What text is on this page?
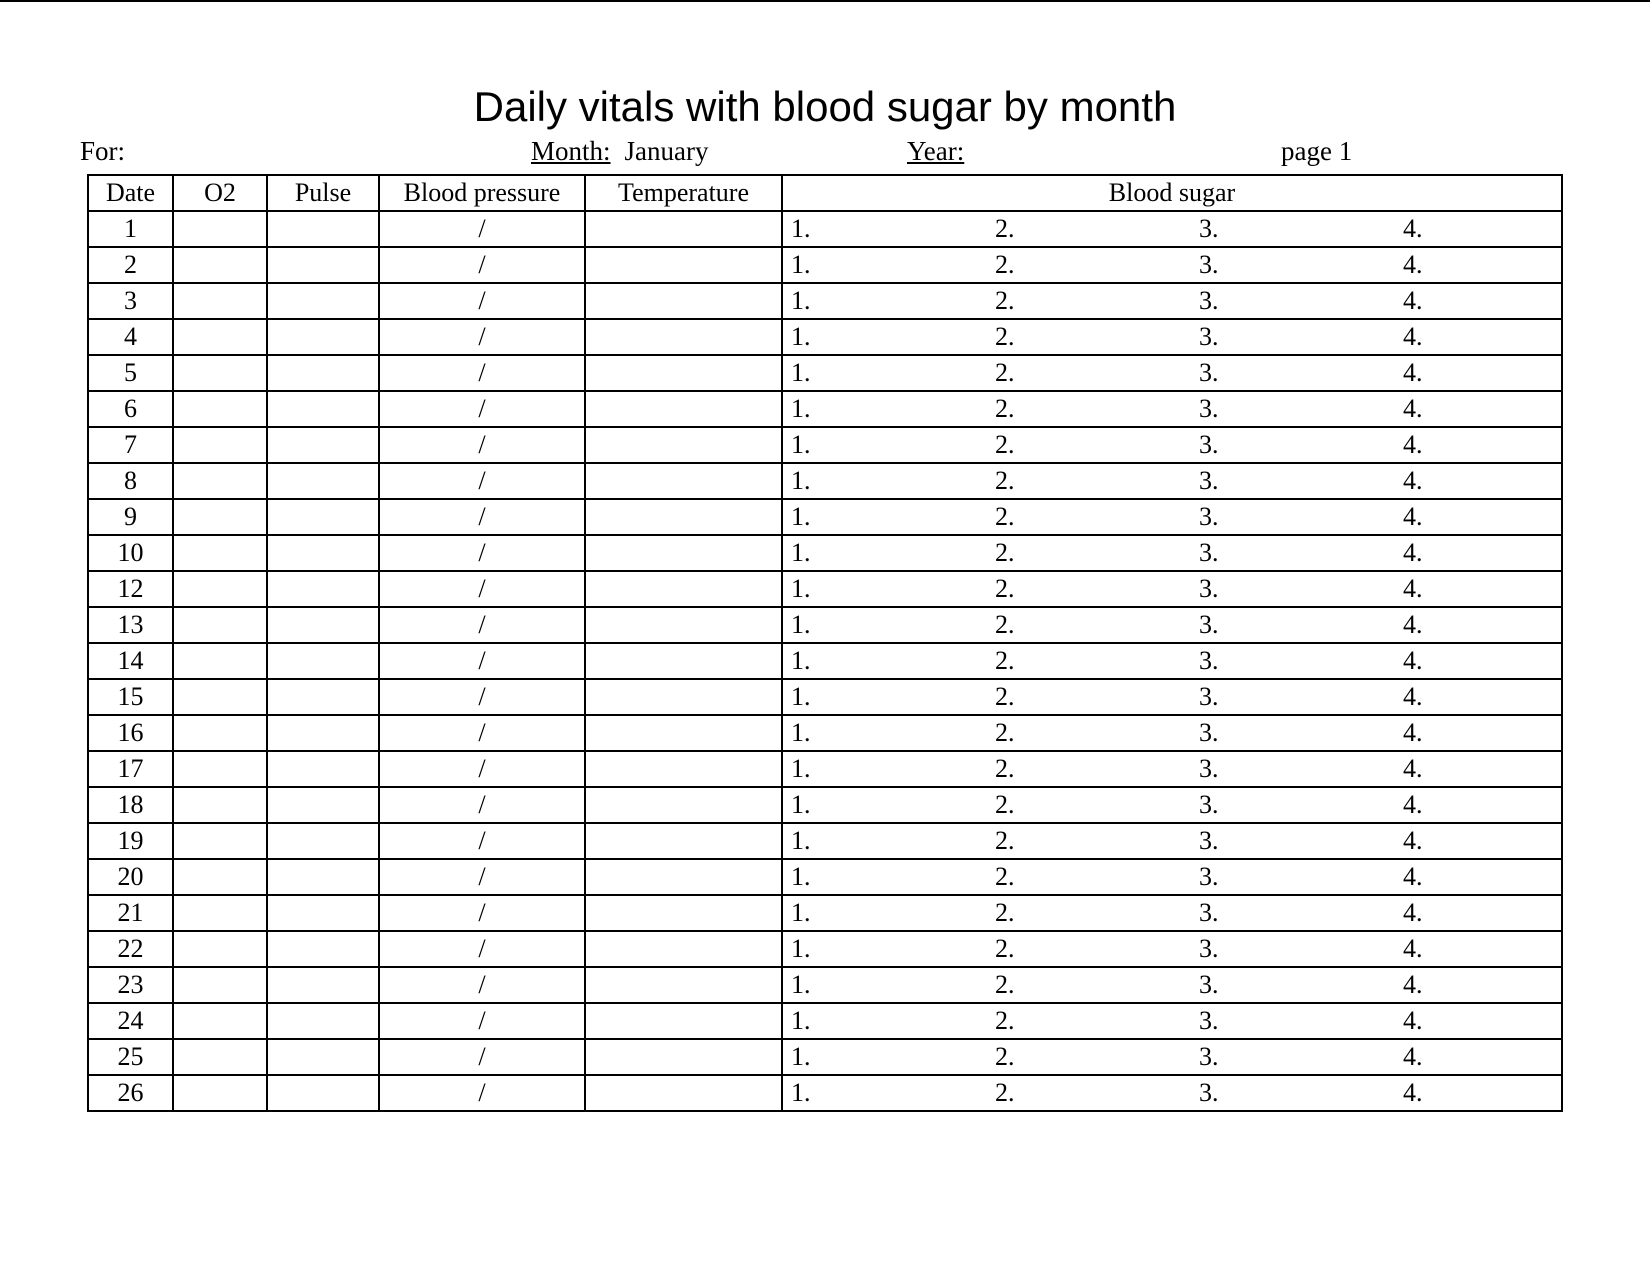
Daily vitals with blood sugar by month
For:	Month: January	Year:	page 1
Date	O2	Pulse	Blood pressure	Temperature	Blood sugar
1			/		1. 2. 3. 4.

2			/		1. 2. 3. 4.

3			/		1. 2. 3. 4.

4			/		1. 2. 3. 4.

5			/		1. 2. 3. 4.

6			/		1. 2. 3. 4.

7			/		1. 2. 3. 4.

8			/		1. 2. 3. 4.

9			/		1. 2. 3. 4.

10			/		1. 2. 3. 4.

12			/		1. 2. 3. 4.

13			/		1. 2. 3. 4.

14			/		1. 2. 3. 4.

15			/		1. 2. 3. 4.

16			/		1. 2. 3. 4.

17			/		1. 2. 3. 4.

18			/		1. 2. 3. 4.

19			/		1. 2. 3. 4.

20			/		1. 2. 3. 4.

21			/		1. 2. 3. 4.

22			/		1. 2. 3. 4.

23			/		1. 2. 3. 4.

24			/		1. 2. 3. 4.

25			/		1. 2. 3. 4.

26			/		1. 2. 3. 4.
